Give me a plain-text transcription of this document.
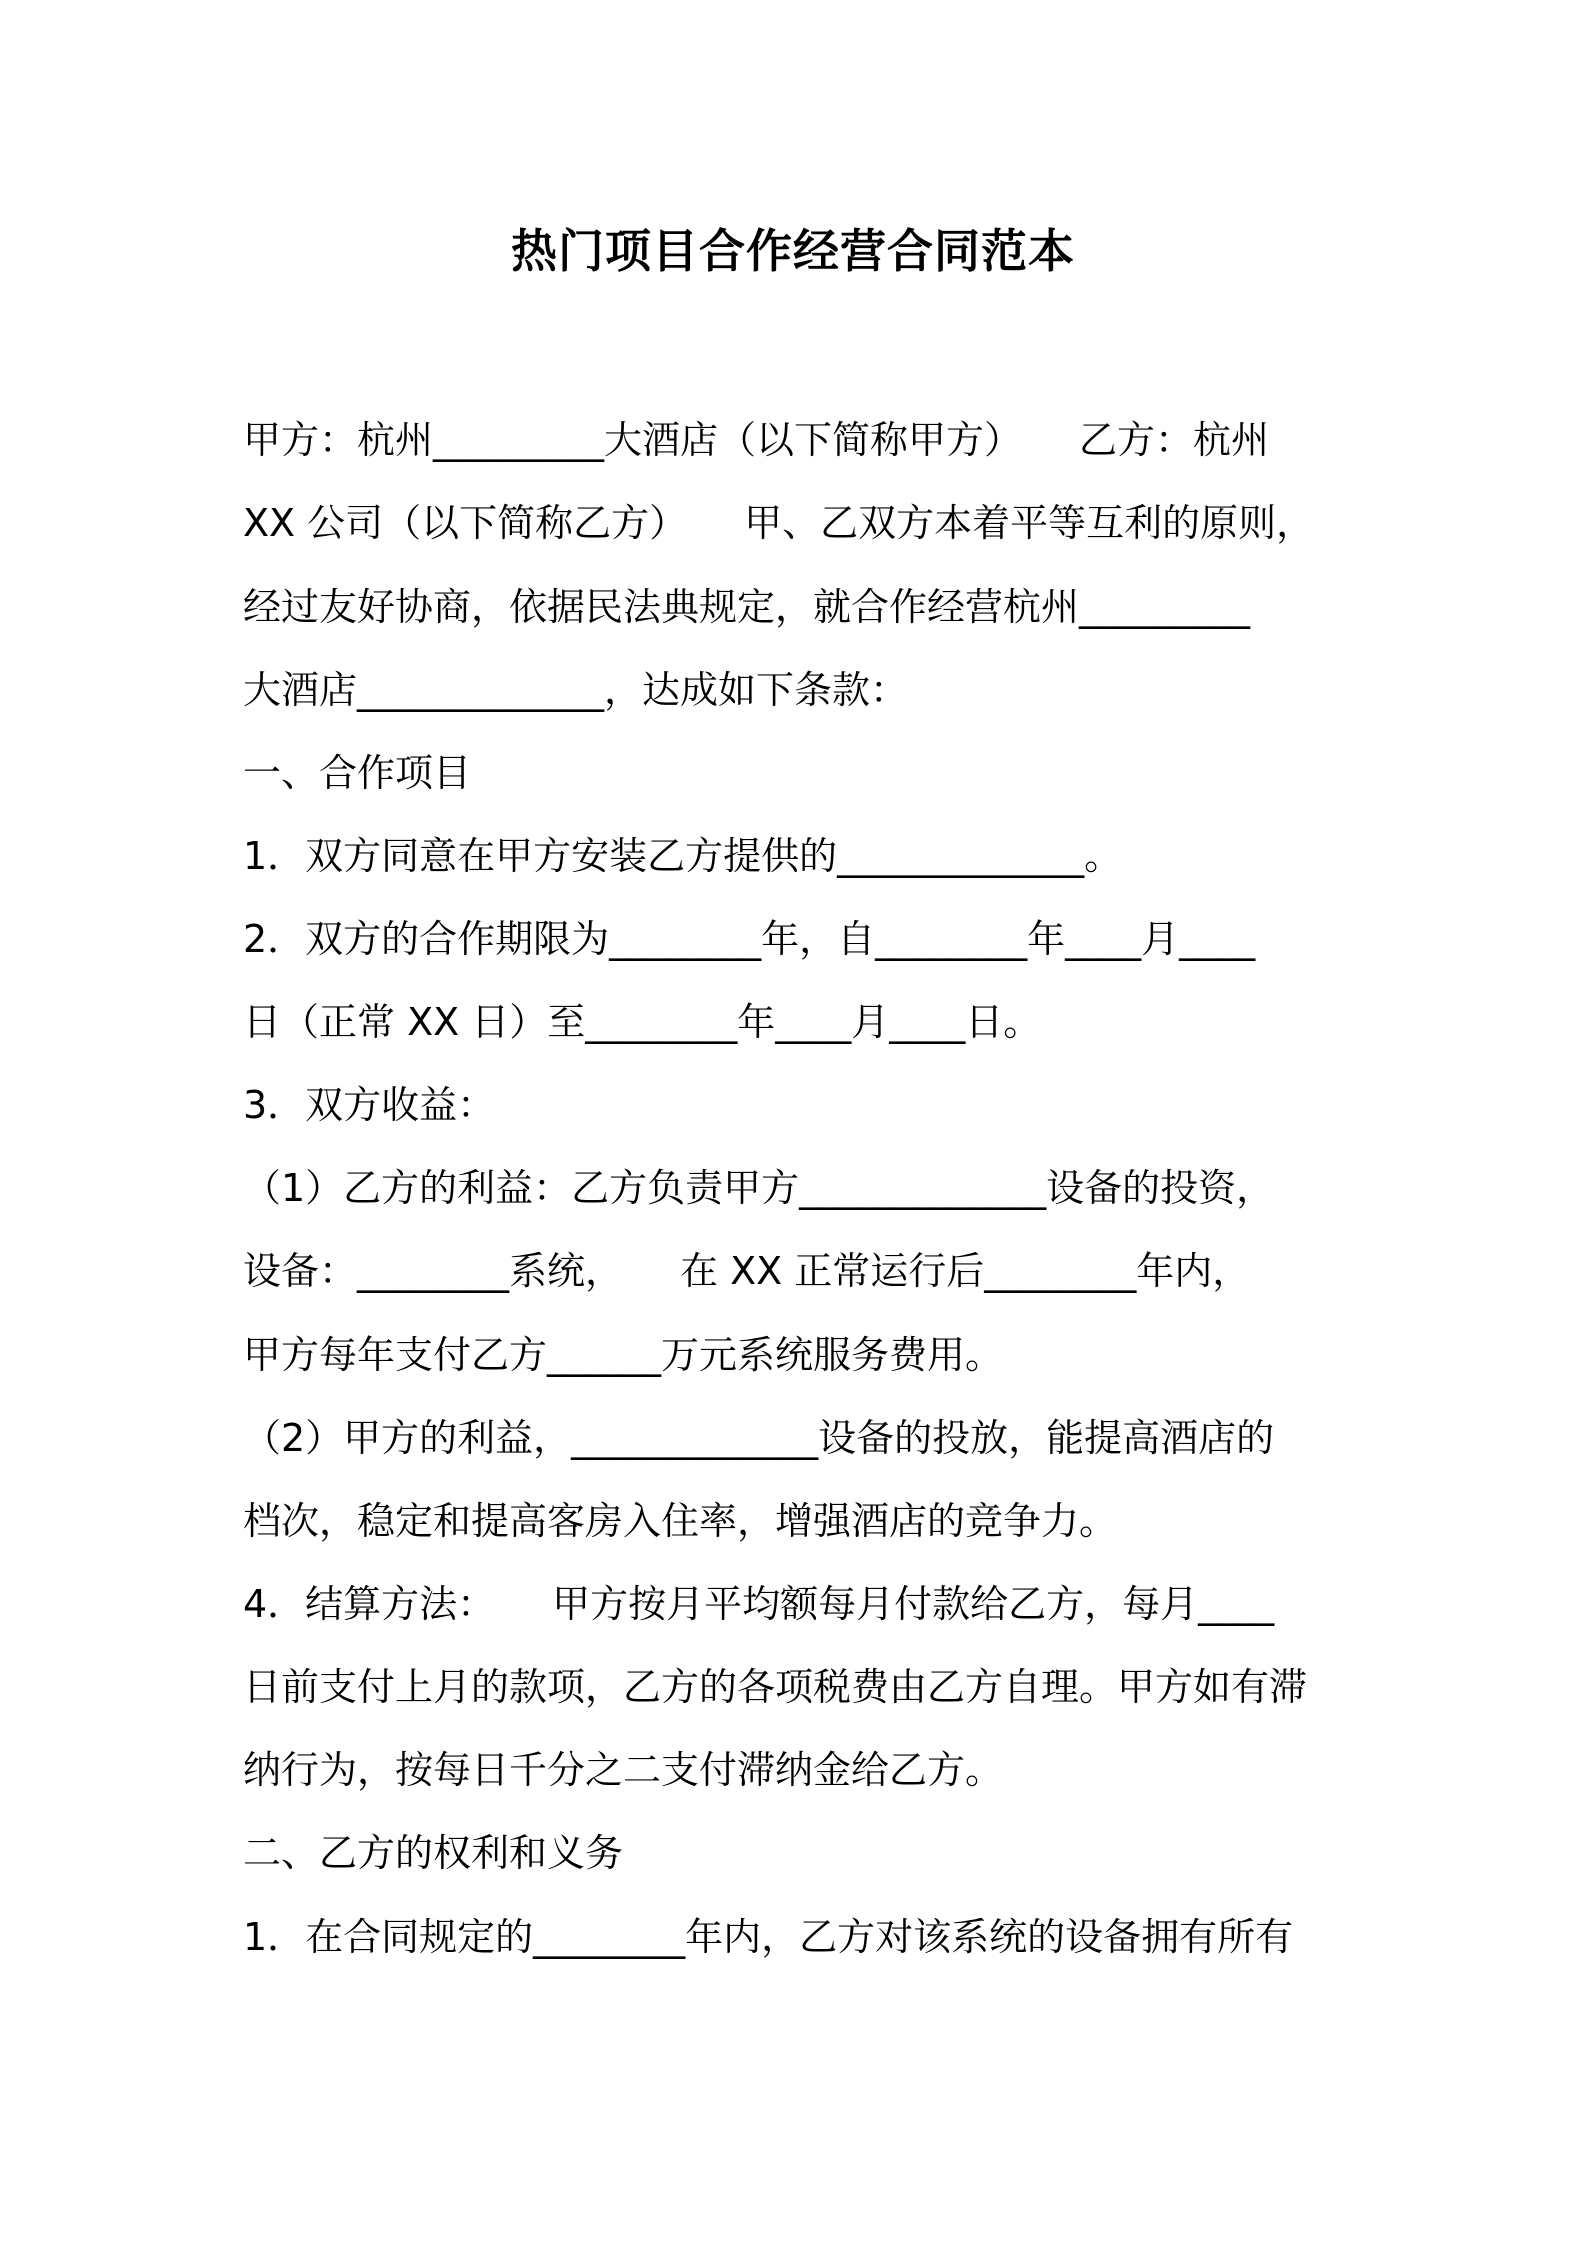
热门项目合作经营合同范本
甲方：杭州_________大酒店（以下简称甲方）　　乙方：杭州
XX 公司（以下简称乙方）　　甲、乙双方本着平等互利的原则，
经过友好协商，依据民法典规定，就合作经营杭州_________
大酒店_____________，达成如下条款：
一、合作项目
1．双方同意在甲方安装乙方提供的_____________。
2．双方的合作期限为________年，自________年____月____
日（正常 XX 日）至________年____月____日。
3．双方收益：
（1）乙方的利益：乙方负责甲方_____________设备的投资，
设备：________系统，　　在 XX 正常运行后________年内，
甲方每年支付乙方______万元系统服务费用。
（2）甲方的利益，_____________设备的投放，能提高酒店的
档次，稳定和提高客房入住率，增强酒店的竞争力。
4．结算方法：　　甲方按月平均额每月付款给乙方，每月____
日前支付上月的款项，乙方的各项税费由乙方自理。甲方如有滞
纳行为，按每日千分之二支付滞纳金给乙方。
二、乙方的权利和义务
1．在合同规定的________年内，乙方对该系统的设备拥有所有
